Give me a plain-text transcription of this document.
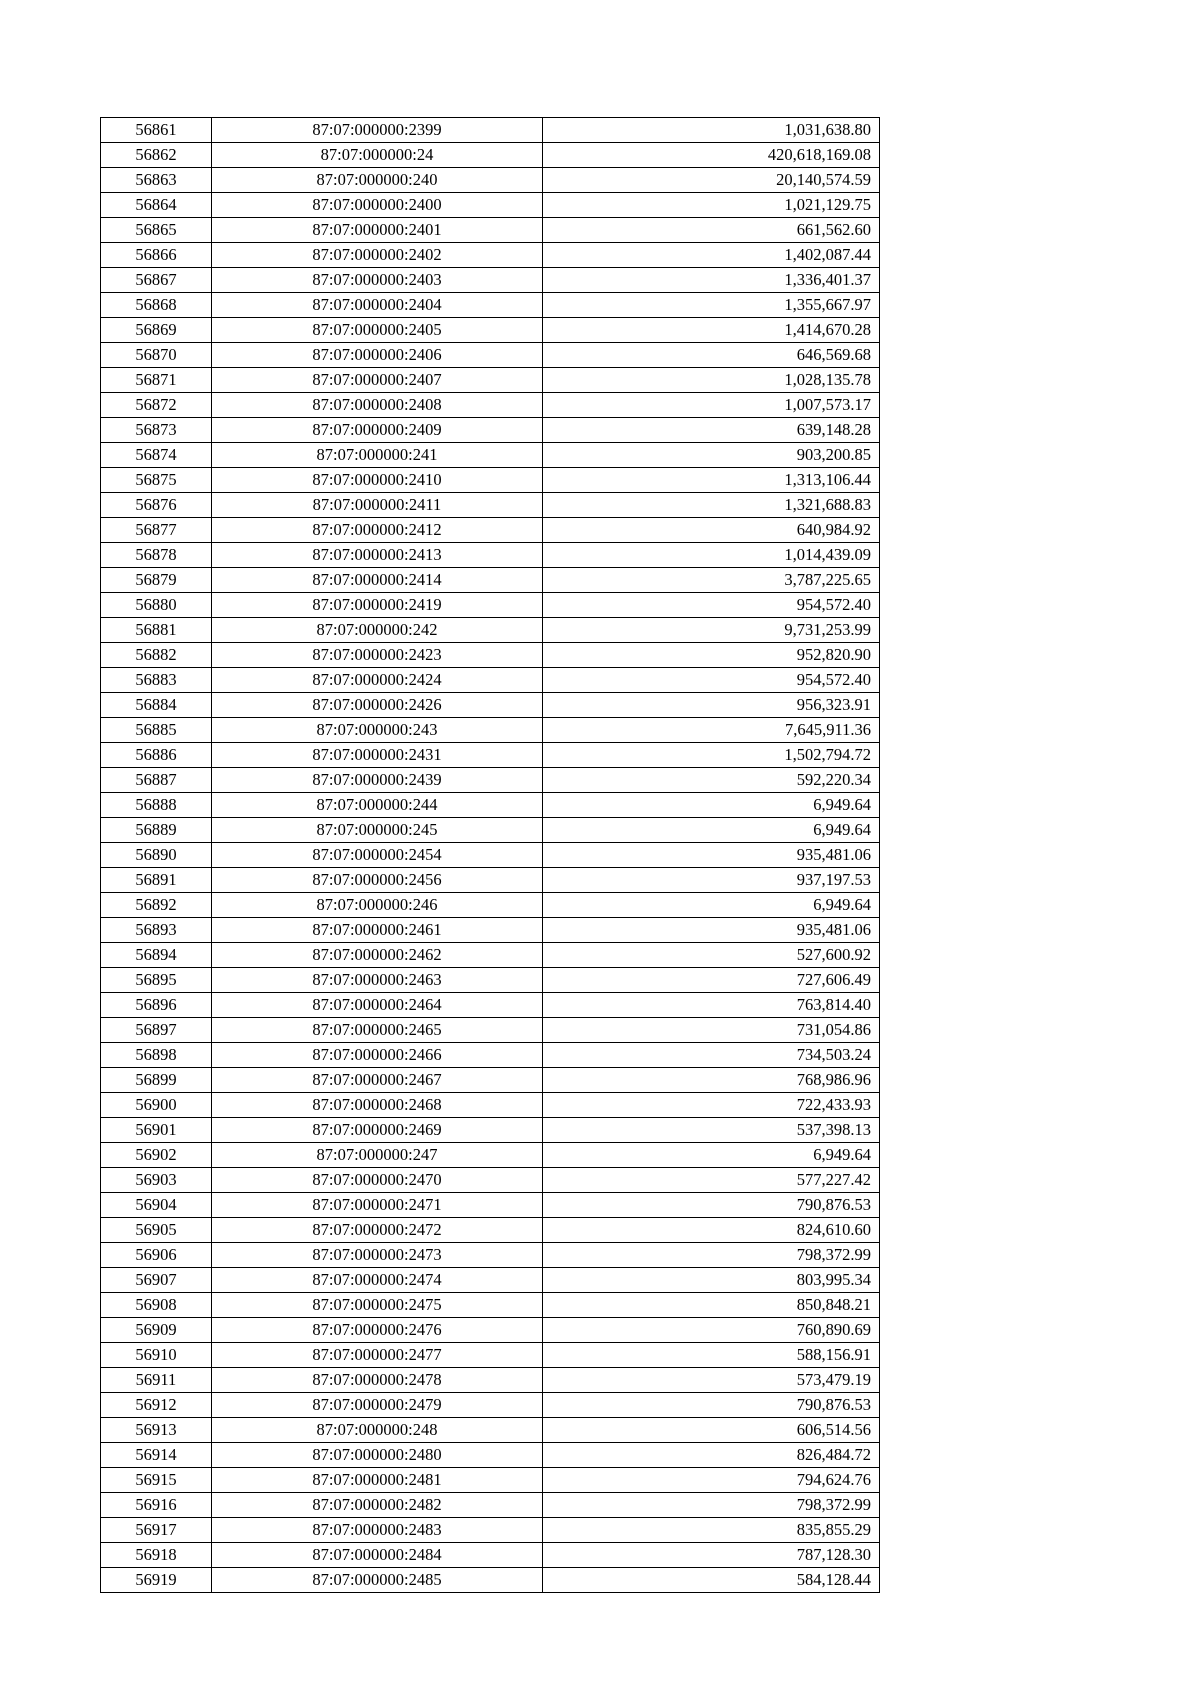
56861	87:07:000000:2399	1,031,638.80
56862	87:07:000000:24	420,618,169.08
56863	87:07:000000:240	20,140,574.59
56864	87:07:000000:2400	1,021,129.75
56865	87:07:000000:2401	661,562.60
56866	87:07:000000:2402	1,402,087.44
56867	87:07:000000:2403	1,336,401.37
56868	87:07:000000:2404	1,355,667.97
56869	87:07:000000:2405	1,414,670.28
56870	87:07:000000:2406	646,569.68
56871	87:07:000000:2407	1,028,135.78
56872	87:07:000000:2408	1,007,573.17
56873	87:07:000000:2409	639,148.28
56874	87:07:000000:241	903,200.85
56875	87:07:000000:2410	1,313,106.44
56876	87:07:000000:2411	1,321,688.83
56877	87:07:000000:2412	640,984.92
56878	87:07:000000:2413	1,014,439.09
56879	87:07:000000:2414	3,787,225.65
56880	87:07:000000:2419	954,572.40
56881	87:07:000000:242	9,731,253.99
56882	87:07:000000:2423	952,820.90
56883	87:07:000000:2424	954,572.40
56884	87:07:000000:2426	956,323.91
56885	87:07:000000:243	7,645,911.36
56886	87:07:000000:2431	1,502,794.72
56887	87:07:000000:2439	592,220.34
56888	87:07:000000:244	6,949.64
56889	87:07:000000:245	6,949.64
56890	87:07:000000:2454	935,481.06
56891	87:07:000000:2456	937,197.53
56892	87:07:000000:246	6,949.64
56893	87:07:000000:2461	935,481.06
56894	87:07:000000:2462	527,600.92
56895	87:07:000000:2463	727,606.49
56896	87:07:000000:2464	763,814.40
56897	87:07:000000:2465	731,054.86
56898	87:07:000000:2466	734,503.24
56899	87:07:000000:2467	768,986.96
56900	87:07:000000:2468	722,433.93
56901	87:07:000000:2469	537,398.13
56902	87:07:000000:247	6,949.64
56903	87:07:000000:2470	577,227.42
56904	87:07:000000:2471	790,876.53
56905	87:07:000000:2472	824,610.60
56906	87:07:000000:2473	798,372.99
56907	87:07:000000:2474	803,995.34
56908	87:07:000000:2475	850,848.21
56909	87:07:000000:2476	760,890.69
56910	87:07:000000:2477	588,156.91
56911	87:07:000000:2478	573,479.19
56912	87:07:000000:2479	790,876.53
56913	87:07:000000:248	606,514.56
56914	87:07:000000:2480	826,484.72
56915	87:07:000000:2481	794,624.76
56916	87:07:000000:2482	798,372.99
56917	87:07:000000:2483	835,855.29
56918	87:07:000000:2484	787,128.30
56919	87:07:000000:2485	584,128.44
